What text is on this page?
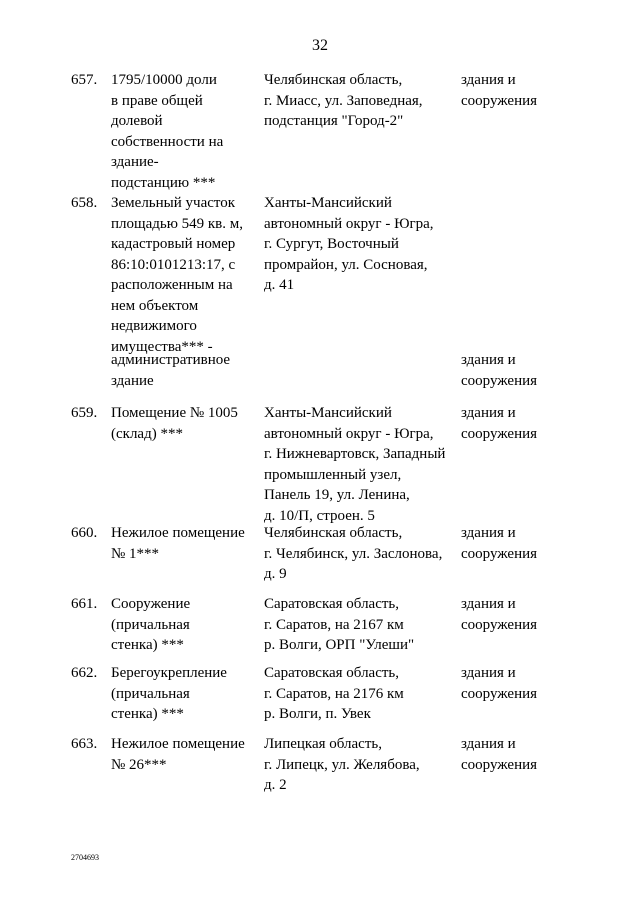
32
657. 1795/10000 доли
в праве общей
долевой
собственности на
здание-
подстанцию ***
Челябинская область,
г. Миасс, ул. Заповедная,
подстанция "Город-2"
здания и
сооружения
658. Земельный участок
площадью 549 кв. м,
кадастровый номер
86:10:0101213:17, с
расположенным на
нем объектом
недвижимого
имущества*** -
Ханты-Мансийский
автономный округ - Югра,
г. Сургут, Восточный
промрайон, ул. Сосновая,
д. 41
административное
здание
здания и
сооружения
659. Помещение № 1005
(склад) ***
Ханты-Мансийский
автономный округ - Югра,
г. Нижневартовск, Западный
промышленный узел,
Панель 19, ул. Ленина,
д. 10/П, строен. 5
здания и
сооружения
660. Нежилое помещение
№ 1***
Челябинская область,
г. Челябинск, ул. Заслонова,
д. 9
здания и
сооружения
661. Сооружение
(причальная
стенка) ***
Саратовская область,
г. Саратов, на 2167 км
р. Волги, ОРП "Улеши"
здания и
сооружения
662. Берегоукрепление
(причальная
стенка) ***
Саратовская область,
г. Саратов, на 2176 км
р. Волги, п. Увек
здания и
сооружения
663. Нежилое помещение
№ 26***
Липецкая область,
г. Липецк, ул. Желябова,
д. 2
здания и
сооружения
2704693
